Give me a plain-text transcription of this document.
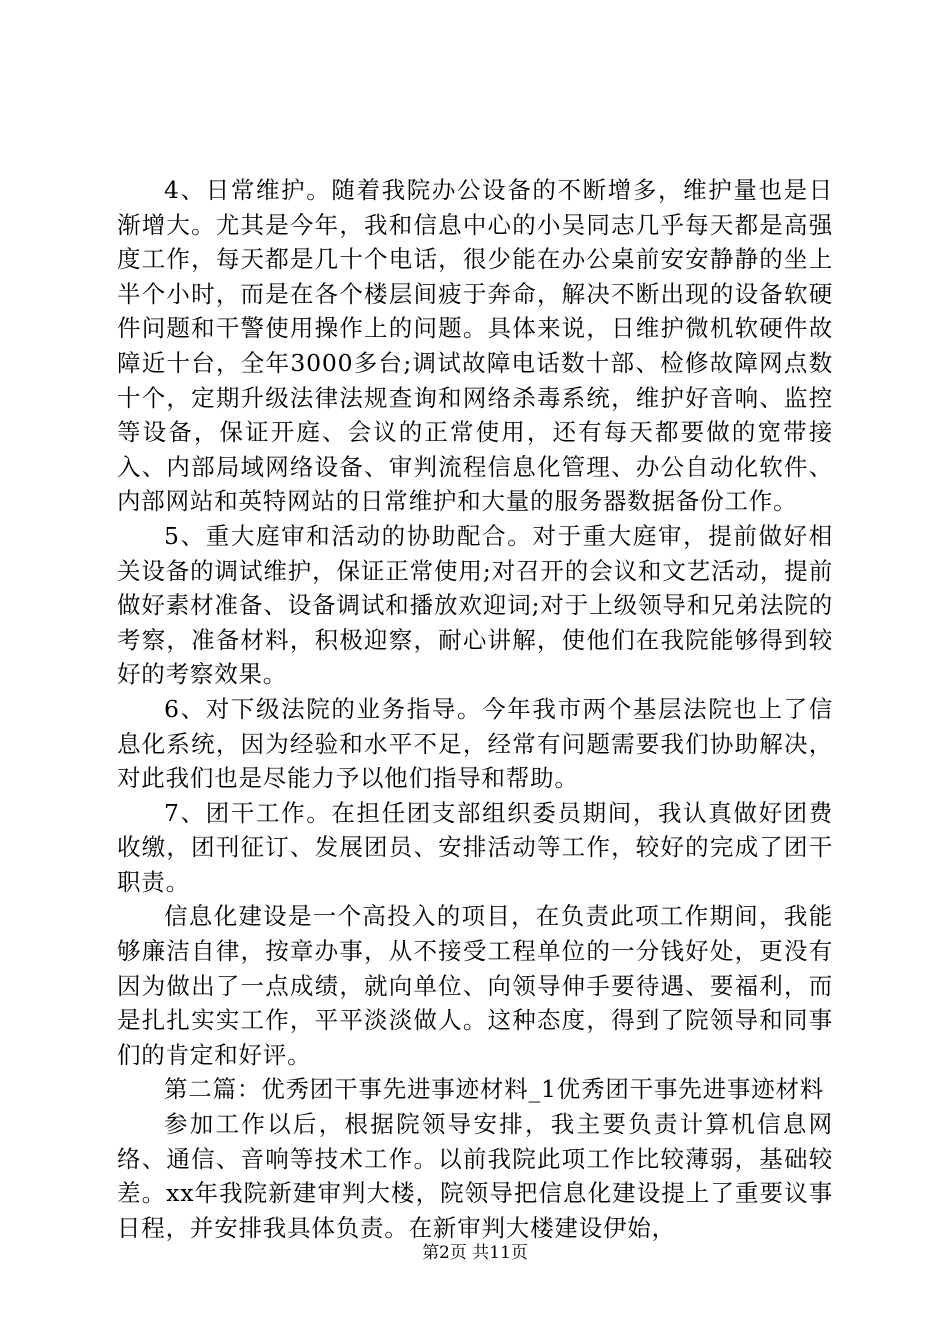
4、日常维护。随着我院办公设备的不断增多，维护量也是日渐增大。尤其是今年，我和信息中心的小吴同志几乎每天都是高强度工作，每天都是几十个电话，很少能在办公桌前安安静静的坐上半个小时，而是在各个楼层间疲于奔命，解决不断出现的设备软硬件问题和干警使用操作上的问题。具体来说，日维护微机软硬件故障近十台，全年3000多台;调试故障电话数十部、检修故障网点数十个，定期升级法律法规查询和网络杀毒系统，维护好音响、监控等设备，保证开庭、会议的正常使用，还有每天都要做的宽带接入、内部局域网络设备、审判流程信息化管理、办公自动化软件、内部网站和英特网站的日常维护和大量的服务器数据备份工作。

5、重大庭审和活动的协助配合。对于重大庭审，提前做好相关设备的调试维护，保证正常使用;对召开的会议和文艺活动，提前做好素材准备、设备调试和播放欢迎词;对于上级领导和兄弟法院的考察，准备材料，积极迎察，耐心讲解，使他们在我院能够得到较好的考察效果。

6、对下级法院的业务指导。今年我市两个基层法院也上了信息化系统，因为经验和水平不足，经常有问题需要我们协助解决，对此我们也是尽能力予以他们指导和帮助。

7、团干工作。在担任团支部组织委员期间，我认真做好团费收缴，团刊征订、发展团员、安排活动等工作，较好的完成了团干职责。

信息化建设是一个高投入的项目，在负责此项工作期间，我能够廉洁自律，按章办事，从不接受工程单位的一分钱好处，更没有因为做出了一点成绩，就向单位、向领导伸手要待遇、要福利，而是扎扎实实工作，平平淡淡做人。这种态度，得到了院领导和同事们的肯定和好评。

第二篇：优秀团干事先进事迹材料_1优秀团干事先进事迹材料

参加工作以后，根据院领导安排，我主要负责计算机信息网络、通信、音响等技术工作。以前我院此项工作比较薄弱，基础较差。xx年我院新建审判大楼，院领导把信息化建设提上了重要议事日程，并安排我具体负责。在新审判大楼建设伊始，

第2页 共11页
